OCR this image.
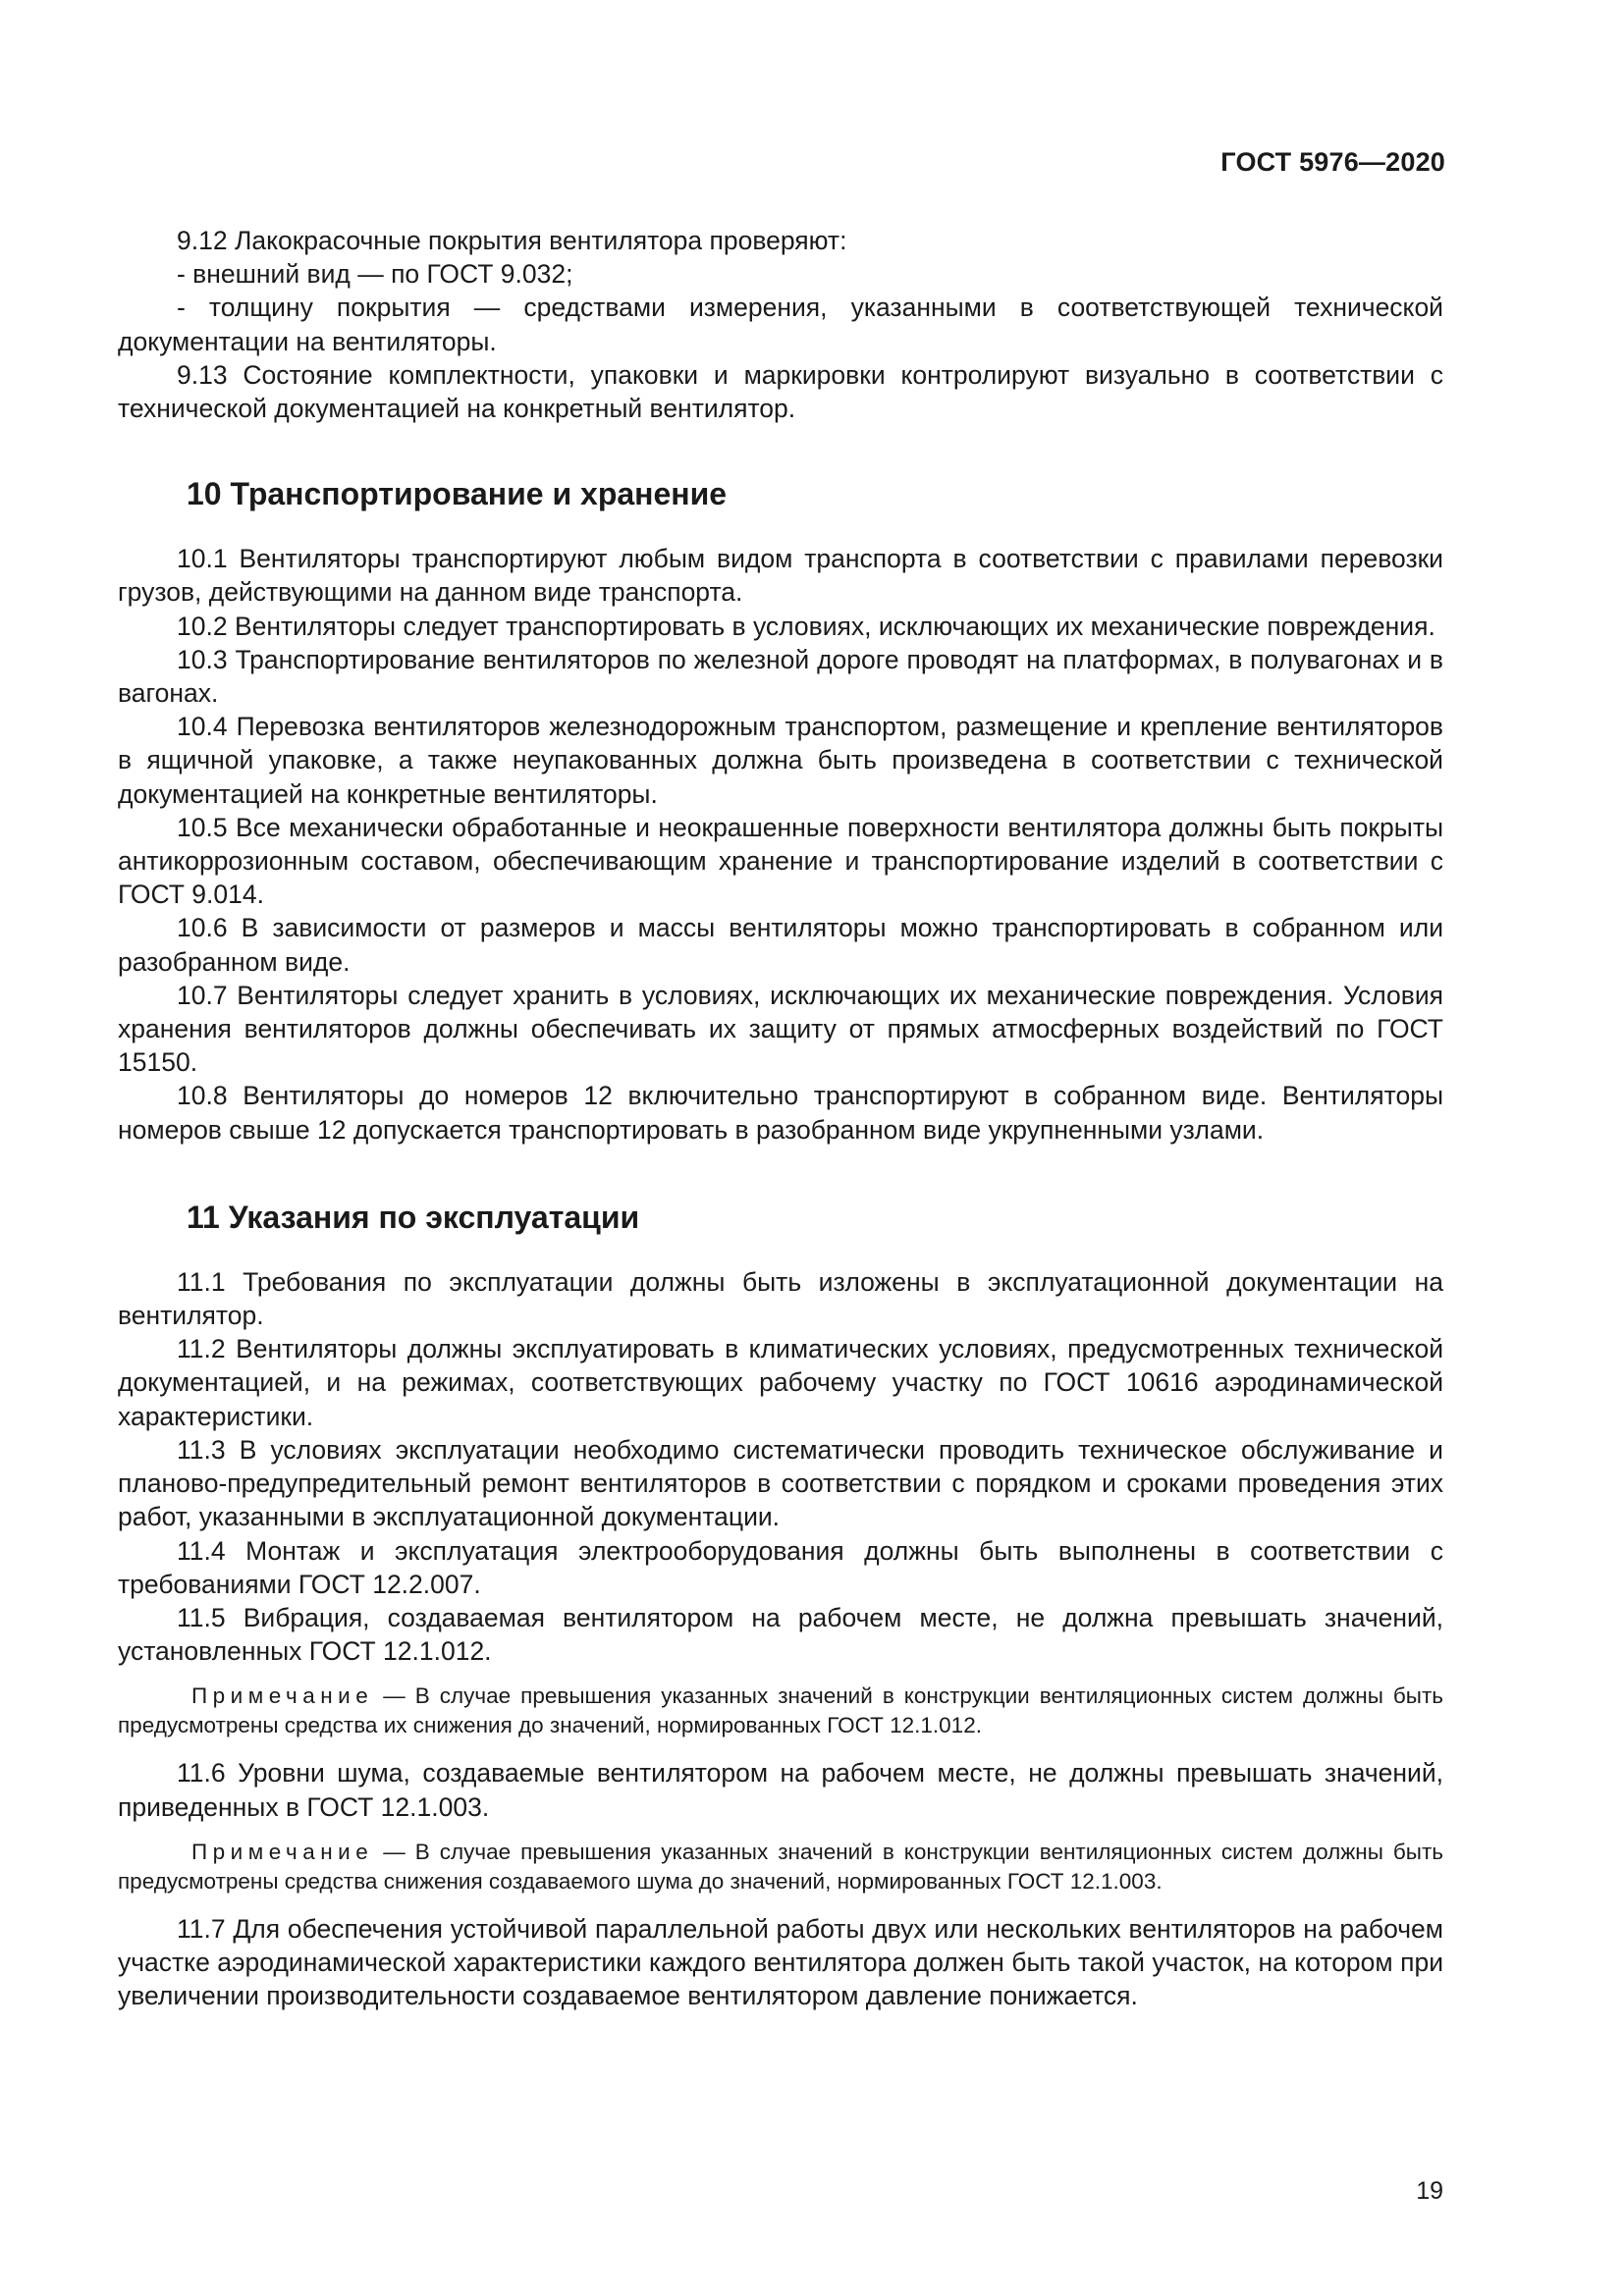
ГОСТ 5976—2020

9.12 Лакокрасочные покрытия вентилятора проверяют:

- внешний вид — по ГОСТ 9.032;

- толщину покрытия — средствами измерения, указанными в соответствующей технической документации на вентиляторы.

9.13 Состояние комплектности, упаковки и маркировки контролируют визуально в соответствии с технической документацией на конкретный вентилятор.

10 Транспортирование и хранение

10.1 Вентиляторы транспортируют любым видом транспорта в соответствии с правилами перевозки грузов, действующими на данном виде транспорта.

10.2 Вентиляторы следует транспортировать в условиях, исключающих их механические повреждения.

10.3 Транспортирование вентиляторов по железной дороге проводят на платформах, в полувагонах и в вагонах.

10.4 Перевозка вентиляторов железнодорожным транспортом, размещение и крепление вентиляторов в ящичной упаковке, а также неупакованных должна быть произведена в соответствии с технической документацией на конкретные вентиляторы.

10.5 Все механически обработанные и неокрашенные поверхности вентилятора должны быть покрыты антикоррозионным составом, обеспечивающим хранение и транспортирование изделий в соответствии с ГОСТ 9.014.

10.6 В зависимости от размеров и массы вентиляторы можно транспортировать в собранном или разобранном виде.

10.7 Вентиляторы следует хранить в условиях, исключающих их механические повреждения. Условия хранения вентиляторов должны обеспечивать их защиту от прямых атмосферных воздействий по ГОСТ 15150.

10.8 Вентиляторы до номеров 12 включительно транспортируют в собранном виде. Вентиляторы номеров свыше 12 допускается транспортировать в разобранном виде укрупненными узлами.

11 Указания по эксплуатации

11.1 Требования по эксплуатации должны быть изложены в эксплуатационной документации на вентилятор.

11.2 Вентиляторы должны эксплуатировать в климатических условиях, предусмотренных технической документацией, и на режимах, соответствующих рабочему участку по ГОСТ 10616 аэродинамической характеристики.

11.3 В условиях эксплуатации необходимо систематически проводить техническое обслуживание и планово-предупредительный ремонт вентиляторов в соответствии с порядком и сроками проведения этих работ, указанными в эксплуатационной документации.

11.4 Монтаж и эксплуатация электрооборудования должны быть выполнены в соответствии с требованиями ГОСТ 12.2.007.

11.5 Вибрация, создаваемая вентилятором на рабочем месте, не должна превышать значений, установленных ГОСТ 12.1.012.

Примечание — В случае превышения указанных значений в конструкции вентиляционных систем должны быть предусмотрены средства их снижения до значений, нормированных ГОСТ 12.1.012.

11.6 Уровни шума, создаваемые вентилятором на рабочем месте, не должны превышать значений, приведенных в ГОСТ 12.1.003.

Примечание — В случае превышения указанных значений в конструкции вентиляционных систем должны быть предусмотрены средства снижения создаваемого шума до значений, нормированных ГОСТ 12.1.003.

11.7 Для обеспечения устойчивой параллельной работы двух или нескольких вентиляторов на рабочем участке аэродинамической характеристики каждого вентилятора должен быть такой участок, на котором при увеличении производительности создаваемое вентилятором давление понижается.

19
